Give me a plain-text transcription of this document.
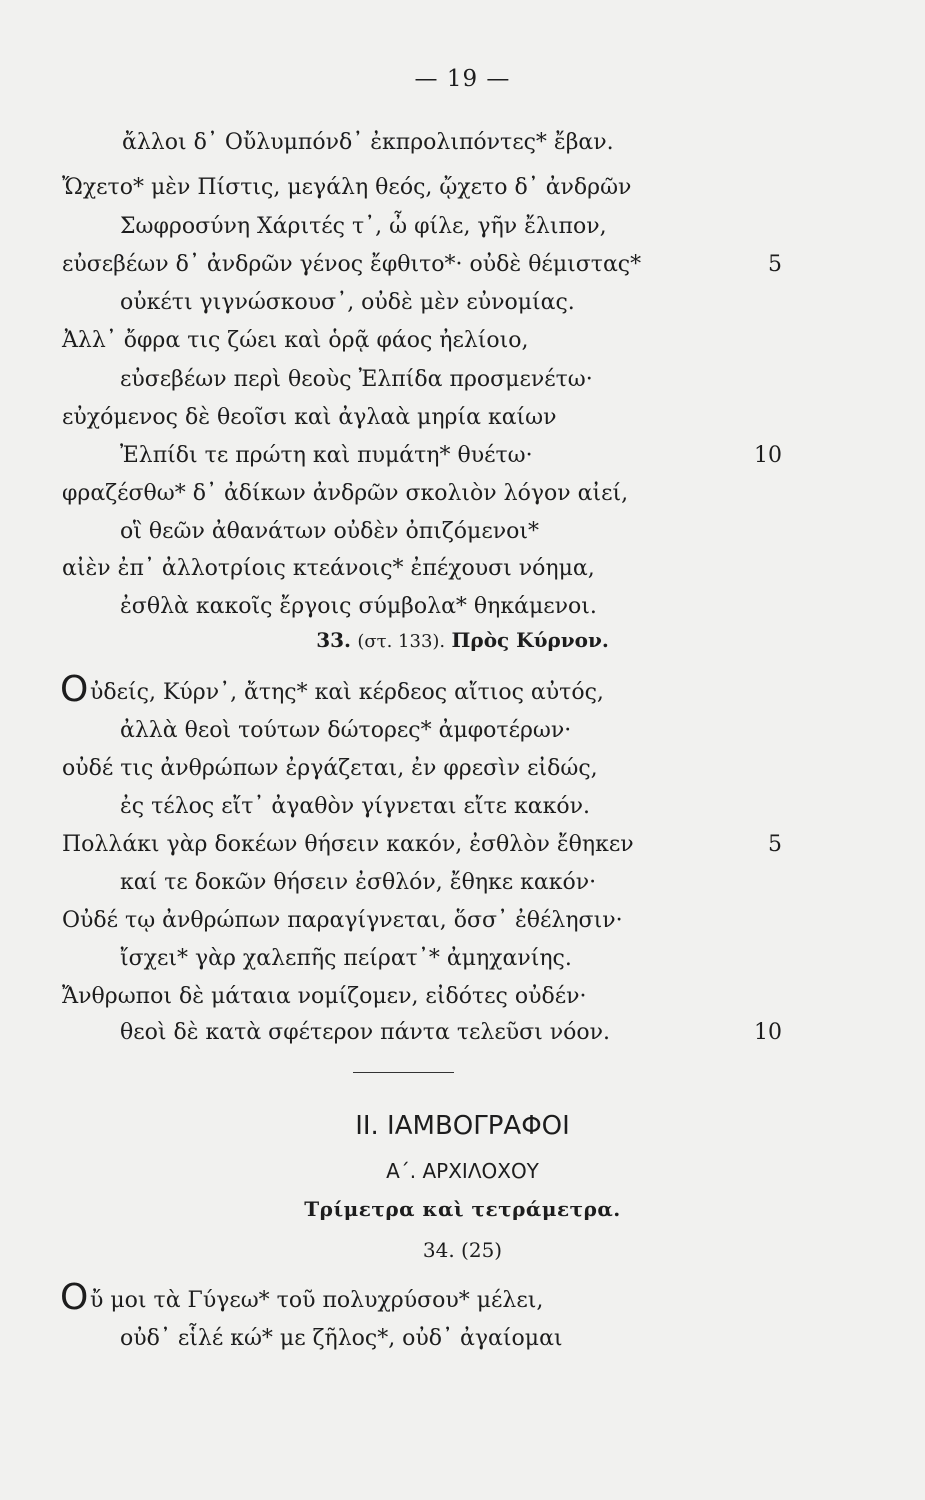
— 19 —
ἄλλοι δ᾽ Οὔλυμπόνδ᾽ ἐκπρολιπόντες* ἔβαν.
Ὤχετο* μὲν Πίστις, μεγάλη θεός, ᾤχετο δ᾽ ἀνδρῶν
Σωφροσύνη Χάριτές τ᾽, ὦ φίλε, γῆν ἔλιπον,
εὐσεβέων δ᾽ ἀνδρῶν γένος ἔφθιτο*· οὐδὲ θέμιστας*	5
οὐκέτι γιγνώσκουσ᾽, οὐδὲ μὲν εὐνομίας.
Ἀλλ᾽ ὄφρα τις ζώει καὶ ὁρᾷ φάος ἠελίοιο,
εὐσεβέων περὶ θεοὺς Ἐλπίδα προσμενέτω·
εὐχόμενος δὲ θεοῖσι καὶ ἀγλαὰ μηρία καίων
Ἐλπίδι τε πρώτη καὶ πυμάτη* θυέτω·	10
φραζέσθω* δ᾽ ἀδίκων ἀνδρῶν σκολιὸν λόγον αἰεί,
οἳ θεῶν ἀθανάτων οὐδὲν ὀπιζόμενοι*
αἰὲν ἐπ᾽ ἀλλοτρίοις κτεάνοις* ἐπέχουσι νόημα,
ἐσθλὰ κακοῖς ἔργοις σύμβολα* θηκάμενοι.
33. (στ. 133). Πρὸς Κύρνον.
O ὐδείς, Κύρν᾽, ἄτης* καὶ κέρδεος αἴτιος αὐτός,
ἀλλὰ θεοὶ τούτων δώτορες* ἀμφοτέρων·
οὐδέ τις ἀνθρώπων ἐργάζεται, ἐν φρεσὶν εἰδώς,
ἐς τέλος εἴτ᾽ ἀγαθὸν γίγνεται εἴτε κακόν.
Πολλάκι γὰρ δοκέων θήσειν κακόν, ἐσθλὸν ἔθηκεν	5
καί τε δοκῶν θήσειν ἐσθλόν, ἔθηκε κακόν·
Οὐδέ τῳ ἀνθρώπων παραγίγνεται, ὅσσ᾽ ἐθέλησιν·
ἴσχει* γὰρ χαλεπῆς πείρατ᾽* ἀμηχανίης.
Ἄνθρωποι δὲ μάταια νομίζομεν, εἰδότες οὐδέν·
θεοὶ δὲ κατὰ σφέτερον πάντα τελεῦσι νόον.	10
II. ΙΑΜΒΟΓΡΑΦΟΙ
Α΄. ΑΡΧΙΛΟΧΟΥ
Τρίμετρα καὶ τετράμετρα.
34. (25)
O ὔ μοι τὰ Γύγεω* τοῦ πολυχρύσου* μέλει,
οὐδ᾽ εἷλέ κώ* με ζῆλος*, οὐδ᾽ ἀγαίομαι
